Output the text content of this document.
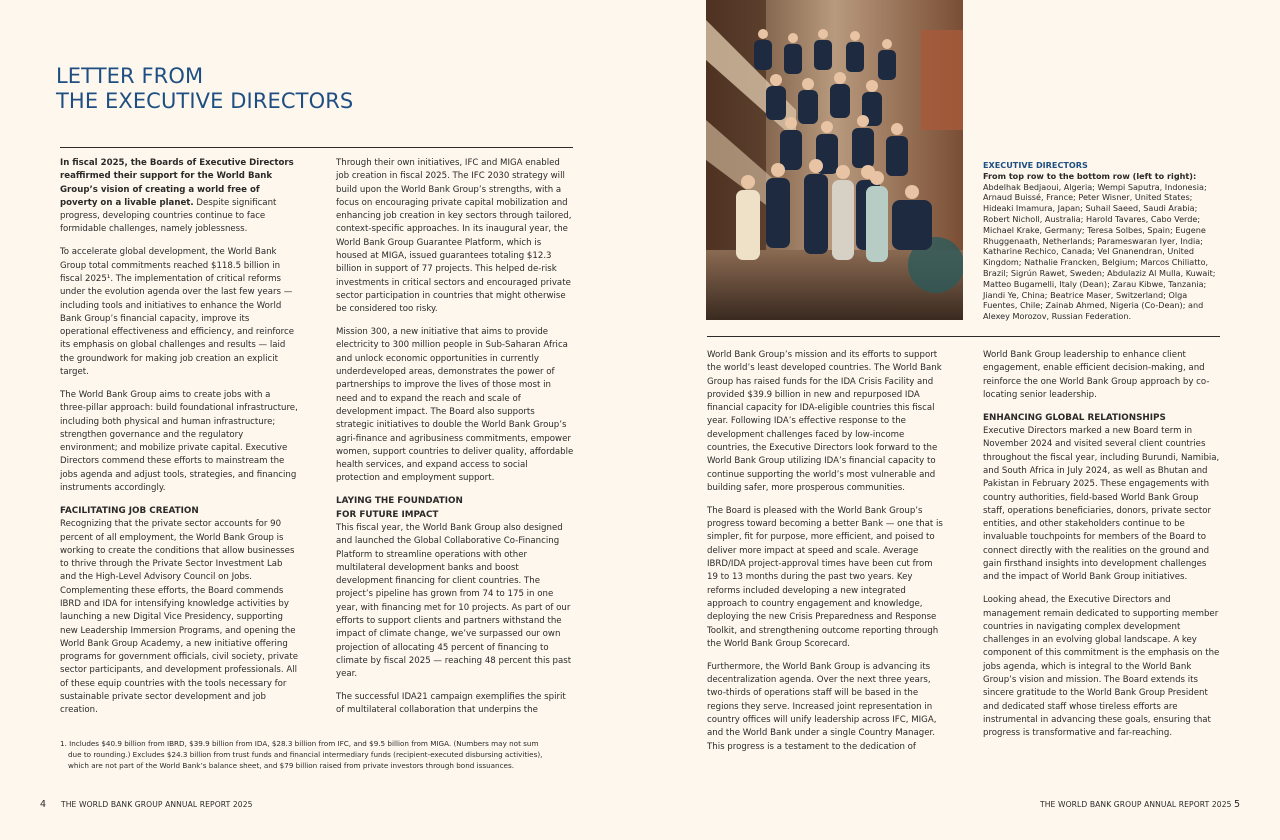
LETTER FROM
THE EXECUTIVE DIRECTORS

In fiscal 2025, the Boards of Executive Directors reaffirmed their support for the World Bank Group’s vision of creating a world free of poverty on a livable planet. Despite significant progress, developing countries continue to face formidable challenges, namely joblessness.

To accelerate global development, the World Bank Group total commitments reached $118.5 billion in fiscal 2025¹. The implementation of critical reforms under the evolution agenda over the last few years — including tools and initiatives to enhance the World Bank Group’s financial capacity, improve its operational effectiveness and efficiency, and reinforce its emphasis on global challenges and results — laid the groundwork for making job creation an explicit target.

The World Bank Group aims to create jobs with a three-pillar approach: build foundational infrastructure, including both physical and human infrastructure; strengthen governance and the regulatory environment; and mobilize private capital. Executive Directors commend these efforts to mainstream the jobs agenda and adjust tools, strategies, and financing instruments accordingly.

FACILITATING JOB CREATION

Recognizing that the private sector accounts for 90 percent of all employment, the World Bank Group is working to create the conditions that allow businesses to thrive through the Private Sector Investment Lab and the High-Level Advisory Council on Jobs. Complementing these efforts, the Board commends IBRD and IDA for intensifying knowledge activities by launching a new Digital Vice Presidency, supporting new Leadership Immersion Programs, and opening the World Bank Group Academy, a new initiative offering programs for government officials, civil society, private sector participants, and development professionals. All of these equip countries with the tools necessary for sustainable private sector development and job creation.

Through their own initiatives, IFC and MIGA enabled job creation in fiscal 2025. The IFC 2030 strategy will build upon the World Bank Group’s strengths, with a focus on encouraging private capital mobilization and enhancing job creation in key sectors through tailored, context-specific approaches. In its inaugural year, the World Bank Group Guarantee Platform, which is housed at MIGA, issued guarantees totaling $12.3 billion in support of 77 projects. This helped de-risk investments in critical sectors and encouraged private sector participation in countries that might otherwise be considered too risky.

Mission 300, a new initiative that aims to provide electricity to 300 million people in Sub-Saharan Africa and unlock economic opportunities in currently underdeveloped areas, demonstrates the power of partnerships to improve the lives of those most in need and to expand the reach and scale of development impact. The Board also supports strategic initiatives to double the World Bank Group’s agri-finance and agribusiness commitments, empower women, support countries to deliver quality, affordable health services, and expand access to social protection and employment support.

LAYING THE FOUNDATION
FOR FUTURE IMPACT

This fiscal year, the World Bank Group also designed and launched the Global Collaborative Co-Financing Platform to streamline operations with other multilateral development banks and boost development financing for client countries. The project’s pipeline has grown from 74 to 175 in one year, with financing met for 10 projects. As part of our efforts to support clients and partners withstand the impact of climate change, we’ve surpassed our own projection of allocating 45 percent of financing to climate by fiscal 2025 — reaching 48 percent this past year.

The successful IDA21 campaign exemplifies the spirit of multilateral collaboration that underpins the

1. Includes $40.9 billion from IBRD, $39.9 billion from IDA, $28.3 billion from IFC, and $9.5 billion from MIGA. (Numbers may not sum
due to rounding.) Excludes $24.3 billion from trust funds and financial intermediary funds (recipient-executed disbursing activities),
which are not part of the World Bank’s balance sheet, and $79 billion raised from private investors through bond issuances.
4 THE WORLD BANK GROUP ANNUAL REPORT 2025
EXECUTIVE DIRECTORS
From top row to the bottom row (left to right):
Abdelhak Bedjaoui, Algeria; Wempi Saputra, Indonesia; Arnaud Buissé, France; Peter Wisner, United States; Hideaki Imamura, Japan; Suhail Saeed, Saudi Arabia; Robert Nicholl, Australia; Harold Tavares, Cabo Verde; Michael Krake, Germany; Teresa Solbes, Spain; Eugene Rhuggenaath, Netherlands; Parameswaran Iyer, India; Katharine Rechico, Canada; Vel Gnanendran, United Kingdom; Nathalie Francken, Belgium; Marcos Chiliatto, Brazil; Sigrún Rawet, Sweden; Abdulaziz Al Mulla, Kuwait; Matteo Bugamelli, Italy (Dean); Zarau Kibwe, Tanzania; Jiandi Ye, China; Beatrice Maser, Switzerland; Olga Fuentes, Chile; Zainab Ahmed, Nigeria (Co-Dean); and Alexey Morozov, Russian Federation.

World Bank Group’s mission and its efforts to support the world’s least developed countries. The World Bank Group has raised funds for the IDA Crisis Facility and provided $39.9 billion in new and repurposed IDA financial capacity for IDA-eligible countries this fiscal year. Following IDA’s effective response to the development challenges faced by low-income countries, the Executive Directors look forward to the World Bank Group utilizing IDA’s financial capacity to continue supporting the world’s most vulnerable and building safer, more prosperous communities.

The Board is pleased with the World Bank Group’s progress toward becoming a better Bank — one that is simpler, fit for purpose, more efficient, and poised to deliver more impact at speed and scale. Average IBRD/IDA project-approval times have been cut from 19 to 13 months during the past two years. Key reforms included developing a new integrated approach to country engagement and knowledge, deploying the new Crisis Preparedness and Response Toolkit, and strengthening outcome reporting through the World Bank Group Scorecard.

Furthermore, the World Bank Group is advancing its decentralization agenda. Over the next three years, two-thirds of operations staff will be based in the regions they serve. Increased joint representation in country offices will unify leadership across IFC, MIGA, and the World Bank under a single Country Manager. This progress is a testament to the dedication of

World Bank Group leadership to enhance client engagement, enable efficient decision-making, and reinforce the one World Bank Group approach by co-locating senior leadership.

ENHANCING GLOBAL RELATIONSHIPS

Executive Directors marked a new Board term in November 2024 and visited several client countries throughout the fiscal year, including Burundi, Namibia, and South Africa in July 2024, as well as Bhutan and Pakistan in February 2025. These engagements with country authorities, field-based World Bank Group staff, operations beneficiaries, donors, private sector entities, and other stakeholders continue to be invaluable touchpoints for members of the Board to connect directly with the realities on the ground and gain firsthand insights into development challenges and the impact of World Bank Group initiatives.

Looking ahead, the Executive Directors and management remain dedicated to supporting member countries in navigating complex development challenges in an evolving global landscape. A key component of this commitment is the emphasis on the jobs agenda, which is integral to the World Bank Group’s vision and mission. The Board extends its sincere gratitude to the World Bank Group President and dedicated staff whose tireless efforts are instrumental in advancing these goals, ensuring that progress is transformative and far-reaching.

THE WORLD BANK GROUP ANNUAL REPORT 2025 5
